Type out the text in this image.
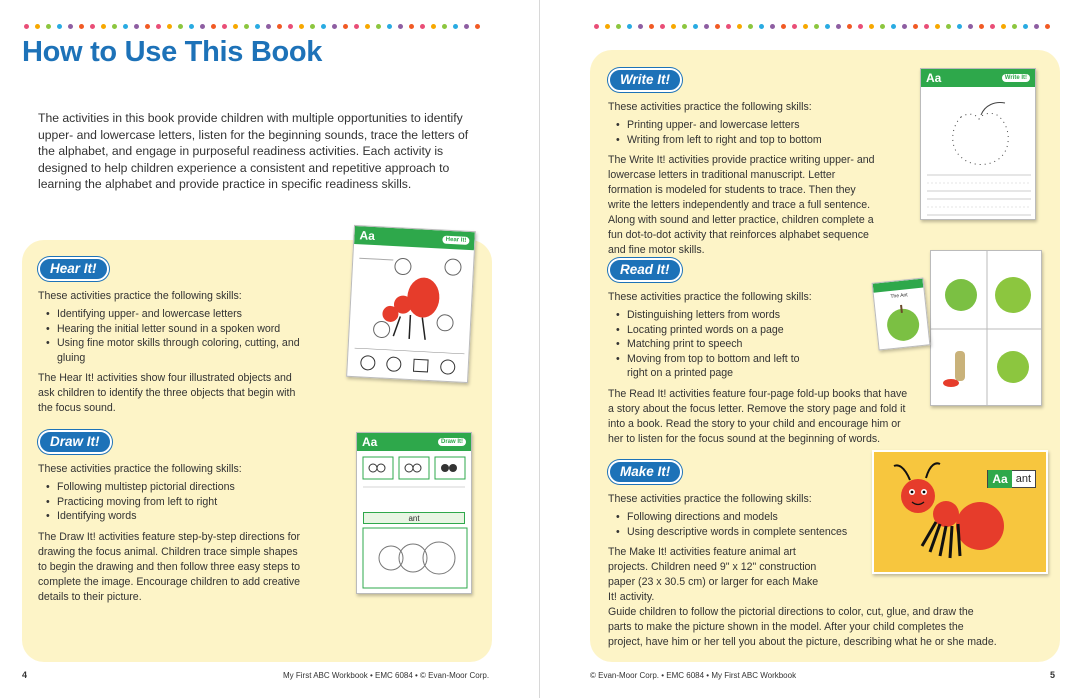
How to Use This Book

The activities in this book provide children with multiple opportunities to identify upper- and lowercase letters, listen for the beginning sounds, trace the letters of the alphabet, and engage in purposeful readiness activities. Each activity is designed to help children experience a consistent and repetitive approach to learning the alphabet and provide practice in specific readiness skills.

Hear It!

These activities practice the following skills:

• Identifying upper- and lowercase letters
• Hearing the initial letter sound in a spoken word
• Using fine motor skills through coloring, cutting, and gluing

The Hear It! activities show four illustrated objects and ask children to identify the three objects that begin with the focus sound.

Aa	Hear It!
Draw It!

These activities practice the following skills:

• Following multistep pictorial directions
• Practicing moving from left to right
• Identifying words

The Draw It! activities feature step-by-step directions for drawing the focus animal. Children trace simple shapes to begin the drawing and then follow three easy steps to complete the image. Encourage children to add creative details to their picture.

Aa	Draw It!
ant
4	My First ABC Workbook • EMC 6084 • © Evan-Moor Corp.
Write It!

These activities practice the following skills:

• Printing upper- and lowercase letters
• Writing from left to right and top to bottom

The Write It! activities provide practice writing upper- and lowercase letters in traditional manuscript. Letter formation is modeled for students to trace. Then they write the letters independently and trace a full sentence. Along with sound and letter practice, children complete a fun dot-to-dot activity that reinforces alphabet sequence and fine motor skills.

Aa	Write It!
Read It!

These activities practice the following skills:

• Distinguishing letters from words
• Locating printed words on a page
• Matching print to speech
• Moving from top to bottom and left to right on a printed page

The Read It! activities feature four-page fold-up books that have a story about the focus letter. Remove the story page and fold it into a book. Read the story to your child and encourage him or her to listen for the focus sound at the beginning of words.

The Ant
Make It!

These activities practice the following skills:

• Following directions and models
• Using descriptive words in complete sentences

The Make It! activities feature animal art projects. Children need 9" x 12" construction paper (23 x 30.5 cm) or larger for each Make It! activity.

Guide children to follow the pictorial directions to color, cut, glue, and draw the parts to make the picture shown in the model. After your child completes the project, have him or her tell you about the picture, describing what he or she made.

Aa ant
© Evan-Moor Corp. • EMC 6084 • My First ABC Workbook	5
